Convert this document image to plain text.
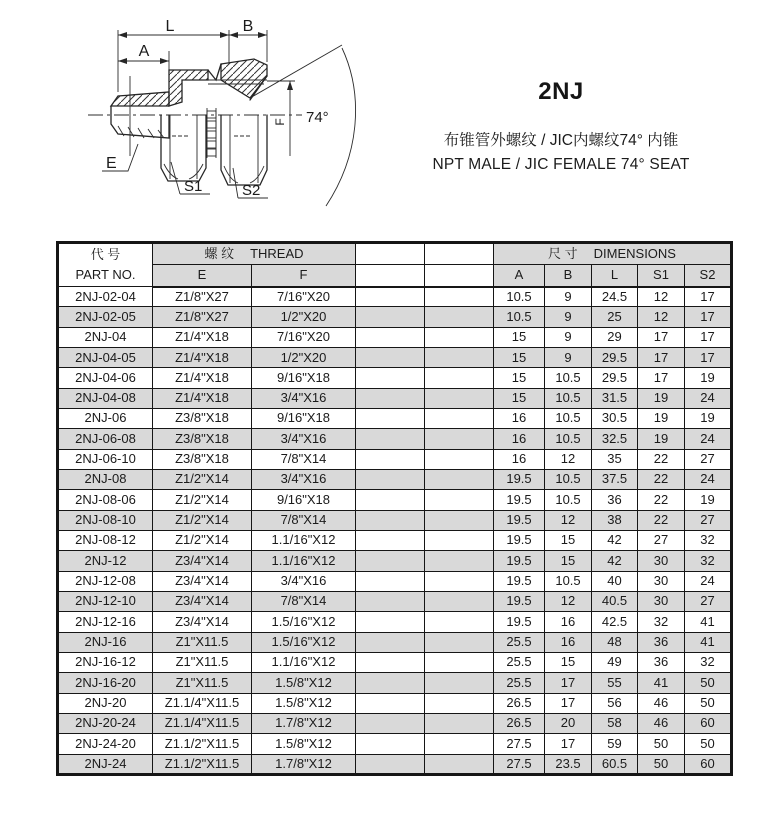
L	B
A
E
S1	S2
F 74°

2NJ

布锥管外螺纹 / JIC内螺纹74° 内锥

NPT MALE / JIC FEMALE 74° SEAT

代 号
PART NO.

螺 纹 THREAD			尺 寸 DIMENSIONS

	E	F			A	B	L	S1	S2
2NJ-02-04	Z1/8"X27	7/16"X20			10.5	9	24.5	12	17
2NJ-02-05	Z1/8"X27	1/2"X20			10.5	9	25	12	17
2NJ-04	Z1/4"X18	7/16"X20			15	9	29	17	17
2NJ-04-05	Z1/4"X18	1/2"X20			15	9	29.5	17	17
2NJ-04-06	Z1/4"X18	9/16"X18			15	10.5	29.5	17	19
2NJ-04-08	Z1/4"X18	3/4"X16			15	10.5	31.5	19	24
2NJ-06	Z3/8"X18	9/16"X18			16	10.5	30.5	19	19
2NJ-06-08	Z3/8"X18	3/4"X16			16	10.5	32.5	19	24
2NJ-06-10	Z3/8"X18	7/8"X14			16	12	35	22	27
2NJ-08	Z1/2"X14	3/4"X16			19.5	10.5	37.5	22	24
2NJ-08-06	Z1/2"X14	9/16"X18			19.5	10.5	36	22	19
2NJ-08-10	Z1/2"X14	7/8"X14			19.5	12	38	22	27
2NJ-08-12	Z1/2"X14	1.1/16"X12			19.5	15	42	27	32
2NJ-12	Z3/4"X14	1.1/16"X12			19.5	15	42	30	32
2NJ-12-08	Z3/4"X14	3/4"X16			19.5	10.5	40	30	24
2NJ-12-10	Z3/4"X14	7/8"X14			19.5	12	40.5	30	27
2NJ-12-16	Z3/4"X14	1.5/16"X12			19.5	16	42.5	32	41
2NJ-16	Z1"X11.5	1.5/16"X12			25.5	16	48	36	41
2NJ-16-12	Z1"X11.5	1.1/16"X12			25.5	15	49	36	32
2NJ-16-20	Z1"X11.5	1.5/8"X12			25.5	17	55	41	50
2NJ-20	Z1.1/4"X11.5	1.5/8"X12			26.5	17	56	46	50
2NJ-20-24	Z1.1/4"X11.5	1.7/8"X12			26.5	20	58	46	60
2NJ-24-20	Z1.1/2"X11.5	1.5/8"X12			27.5	17	59	50	50
2NJ-24	Z1.1/2"X11.5	1.7/8"X12			27.5	23.5	60.5	50	60
